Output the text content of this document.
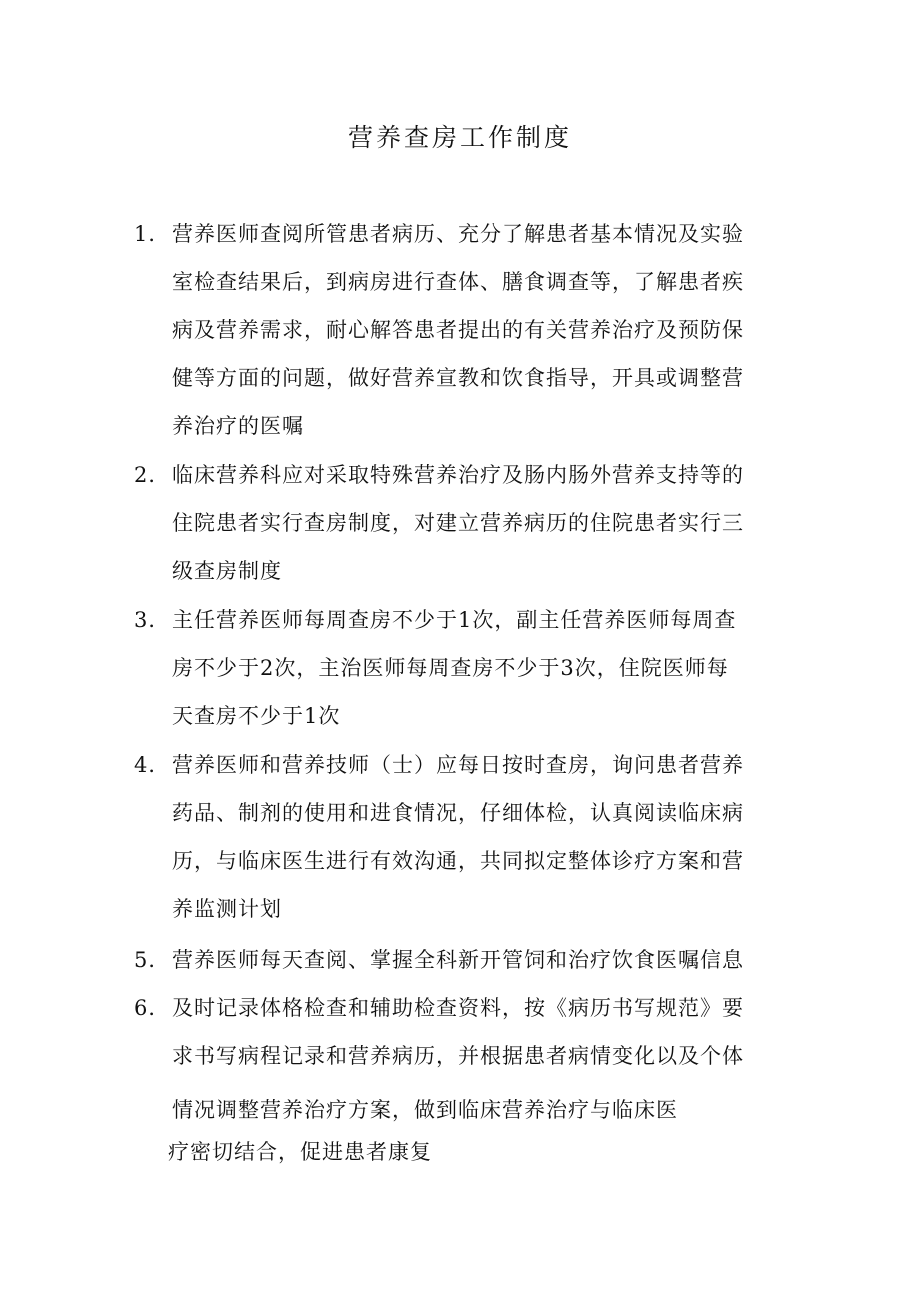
营养查房工作制度
1．营养医师查阅所管患者病历、充分了解患者基本情况及实验
室检查结果后，到病房进行查体、膳食调查等，了解患者疾
病及营养需求，耐心解答患者提出的有关营养治疗及预防保
健等方面的问题，做好营养宣教和饮食指导，开具或调整营
养治疗的医嘱
2．临床营养科应对采取特殊营养治疗及肠内肠外营养支持等的
住院患者实行查房制度，对建立营养病历的住院患者实行三
级查房制度
3．主任营养医师每周查房不少于1次，副主任营养医师每周查
房不少于2次，主治医师每周查房不少于3次，住院医师每
天查房不少于1次
4．营养医师和营养技师（士）应每日按时查房，询问患者营养
药品、制剂的使用和进食情况，仔细体检，认真阅读临床病
历，与临床医生进行有效沟通，共同拟定整体诊疗方案和营
养监测计划
5．营养医师每天查阅、掌握全科新开管饲和治疗饮食医嘱信息
6．及时记录体格检查和辅助检查资料，按《病历书写规范》要
求书写病程记录和营养病历，并根据患者病情变化以及个体
情况调整营养治疗方案，做到临床营养治疗与临床医
疗密切结合，促进患者康复
